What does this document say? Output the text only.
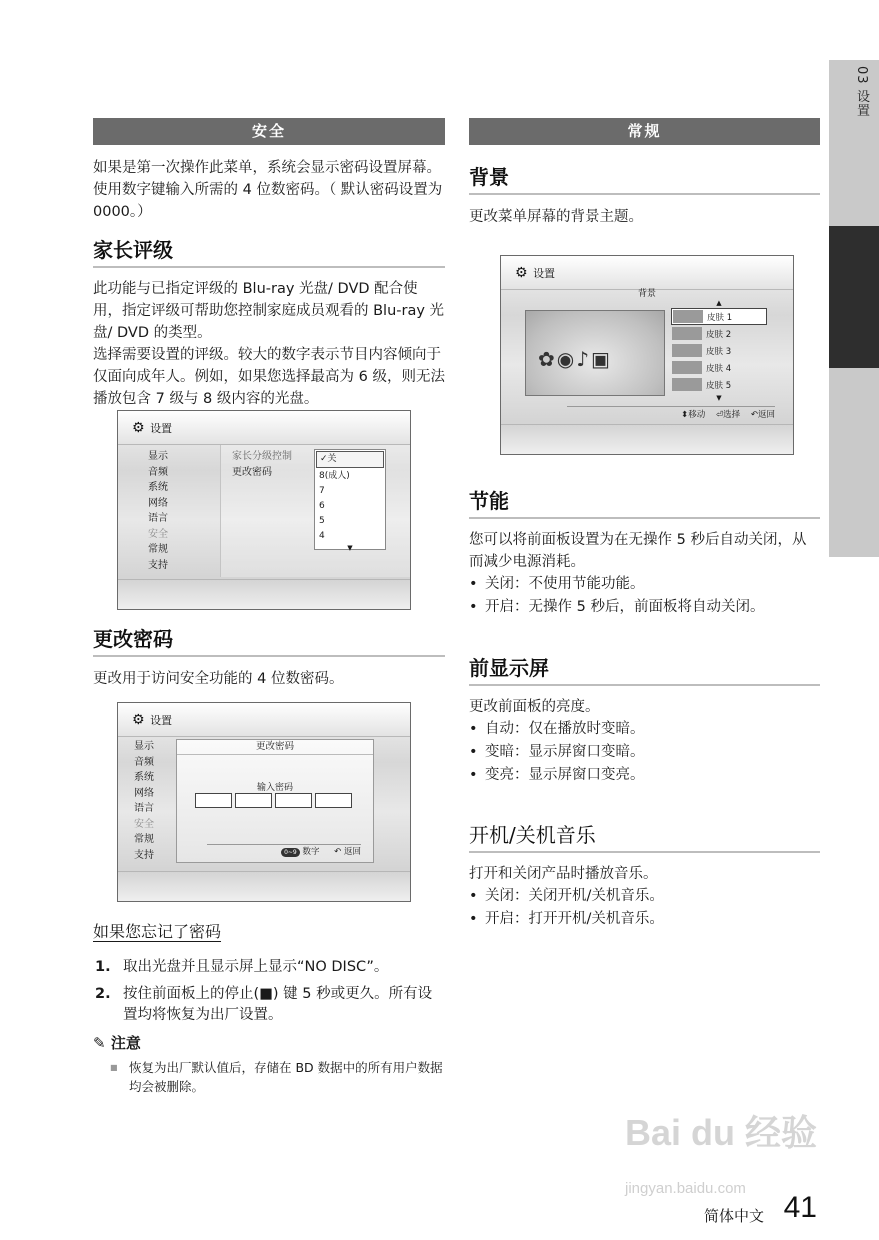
03 设置
安全

如果是第一次操作此菜单，系统会显示密码设置屏幕。使用数字键输入所需的 4 位数密码。（ 默认密码设置为 0000。）

家长评级

此功能与已指定评级的 Blu-ray 光盘/ DVD 配合使用，指定评级可帮助您控制家庭成员观看的 Blu-ray 光盘/ DVD 的类型。

选择需要设置的评级。较大的数字表示节目内容倾向于仅面向成年人。例如，如果您选择最高为 6 级，则无法播放包含 7 级与 8 级内容的光盘。

⚙ 设置
显示
音频
系统
网络
语言
安全
常规
支持
家长分级控制
更改密码
✓关
8(成人)
7
6
5
4
▼
更改密码

更改用于访问安全功能的 4 位数密码。

⚙ 设置
显示
音频
系统
网络
语言
安全
常规
支持
更改密码
输入密码
0~9 数字 ↶ 返回
如果您忘记了密码
1. 取出光盘并且显示屏上显示“NO DISC”。
2. 按住前面板上的停止(■) 键 5 秒或更久。所有设置均将恢复为出厂设置。
✎ 注意
■ 恢复为出厂默认值后，存储在 BD 数据中的所有用户数据均会被删除。
常规
背景

更改菜单屏幕的背景主题。

⚙ 设置
背景
✿◉♪▣
▲
皮肤 1
皮肤 2
皮肤 3
皮肤 4
皮肤 5
▼
⬍移动 ⏎选择 ↶返回
节能

您可以将前面板设置为在无操作 5 秒后自动关闭，从而减少电源消耗。

• 关闭：不使用节能功能。
• 开启：无操作 5 秒后，前面板将自动关闭。
前显示屏

更改前面板的亮度。

• 自动：仅在播放时变暗。
• 变暗：显示屏窗口变暗。
• 变亮：显示屏窗口变亮。
开机/关机音乐

打开和关闭产品时播放音乐。

• 关闭：关闭开机/关机音乐。
• 开启：打开开机/关机音乐。
Bai du 经验
jingyan.baidu.com
简体中文 41
